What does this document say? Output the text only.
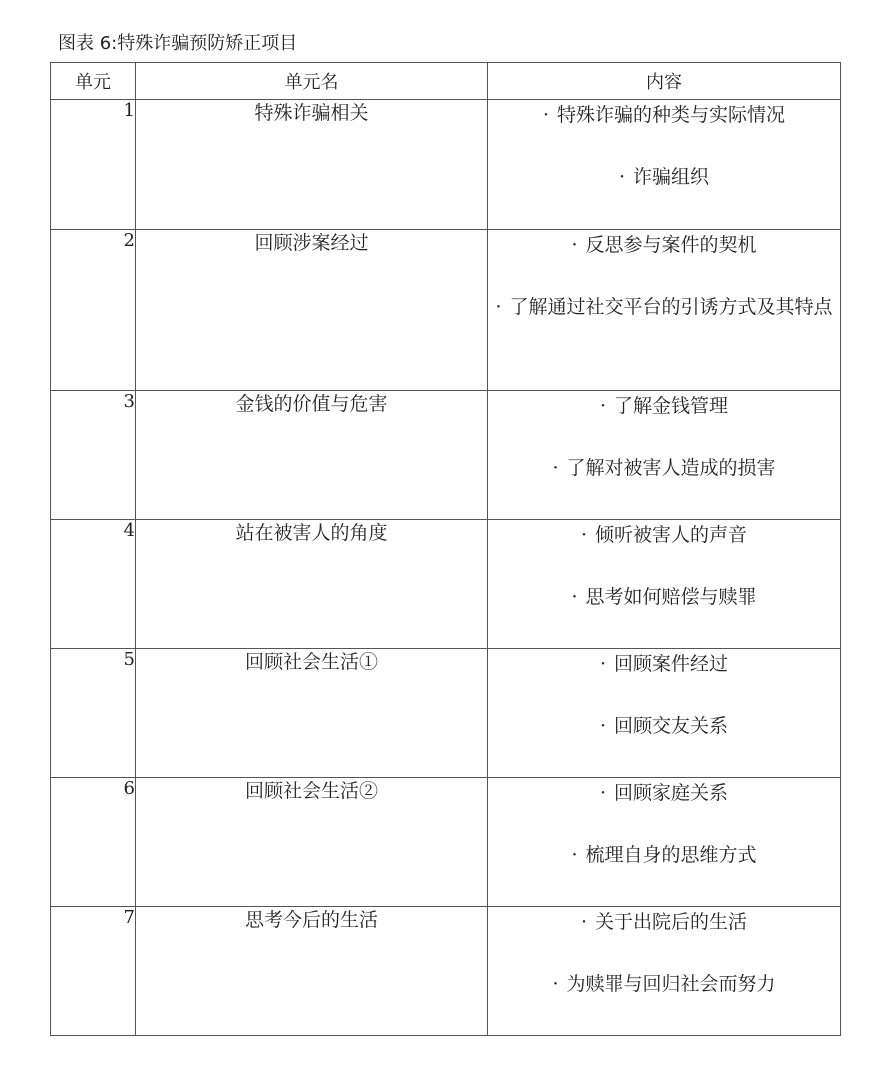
图表 6:特殊诈骗预防矫正项目
单元	单元名	内容
1	特殊诈骗相关	· 特殊诈骗的种类与实际情况
· 诈骗组织

2	回顾涉案经过	· 反思参与案件的契机
· 了解通过社交平台的引诱方式及其特点

3	金钱的价值与危害	· 了解金钱管理
· 了解对被害人造成的损害

4	站在被害人的角度	· 倾听被害人的声音
· 思考如何赔偿与赎罪

5	回顾社会生活①	· 回顾案件经过
· 回顾交友关系

6	回顾社会生活②	· 回顾家庭关系
· 梳理自身的思维方式

7	思考今后的生活	· 关于出院后的生活
· 为赎罪与回归社会而努力
